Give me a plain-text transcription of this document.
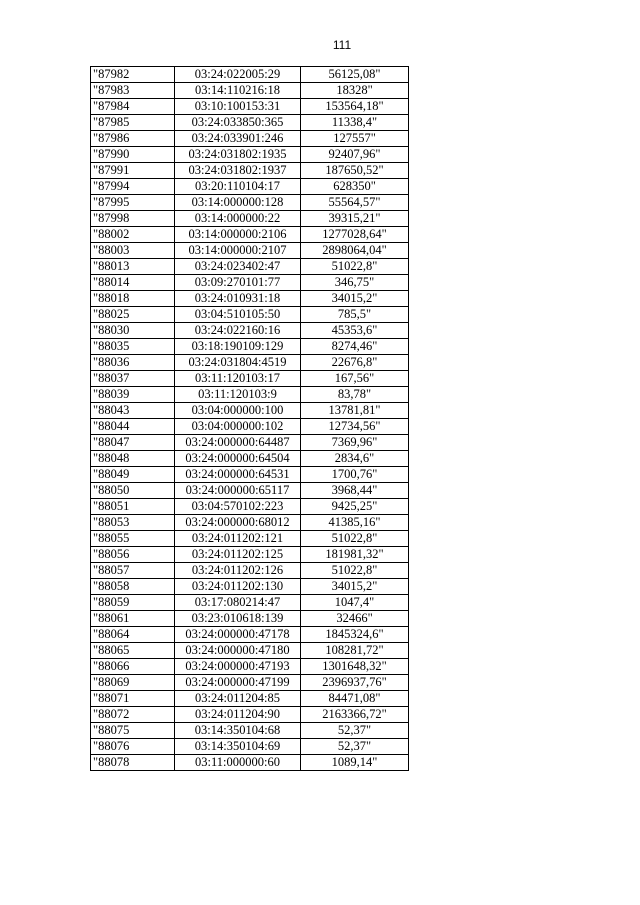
111
"87982	03:24:022005:29	56125,08"
"87983	03:14:110216:18	18328"
"87984	03:10:100153:31	153564,18"
"87985	03:24:033850:365	11338,4"
"87986	03:24:033901:246	127557"
"87990	03:24:031802:1935	92407,96"
"87991	03:24:031802:1937	187650,52"
"87994	03:20:110104:17	628350"
"87995	03:14:000000:128	55564,57"
"87998	03:14:000000:22	39315,21"
"88002	03:14:000000:2106	1277028,64"
"88003	03:14:000000:2107	2898064,04"
"88013	03:24:023402:47	51022,8"
"88014	03:09:270101:77	346,75"
"88018	03:24:010931:18	34015,2"
"88025	03:04:510105:50	785,5"
"88030	03:24:022160:16	45353,6"
"88035	03:18:190109:129	8274,46"
"88036	03:24:031804:4519	22676,8"
"88037	03:11:120103:17	167,56"
"88039	03:11:120103:9	83,78"
"88043	03:04:000000:100	13781,81"
"88044	03:04:000000:102	12734,56"
"88047	03:24:000000:64487	7369,96"
"88048	03:24:000000:64504	2834,6"
"88049	03:24:000000:64531	1700,76"
"88050	03:24:000000:65117	3968,44"
"88051	03:04:570102:223	9425,25"
"88053	03:24:000000:68012	41385,16"
"88055	03:24:011202:121	51022,8"
"88056	03:24:011202:125	181981,32"
"88057	03:24:011202:126	51022,8"
"88058	03:24:011202:130	34015,2"
"88059	03:17:080214:47	1047,4"
"88061	03:23:010618:139	32466"
"88064	03:24:000000:47178	1845324,6"
"88065	03:24:000000:47180	108281,72"
"88066	03:24:000000:47193	1301648,32"
"88069	03:24:000000:47199	2396937,76"
"88071	03:24:011204:85	84471,08"
"88072	03:24:011204:90	2163366,72"
"88075	03:14:350104:68	52,37"
"88076	03:14:350104:69	52,37"
"88078	03:11:000000:60	1089,14"
